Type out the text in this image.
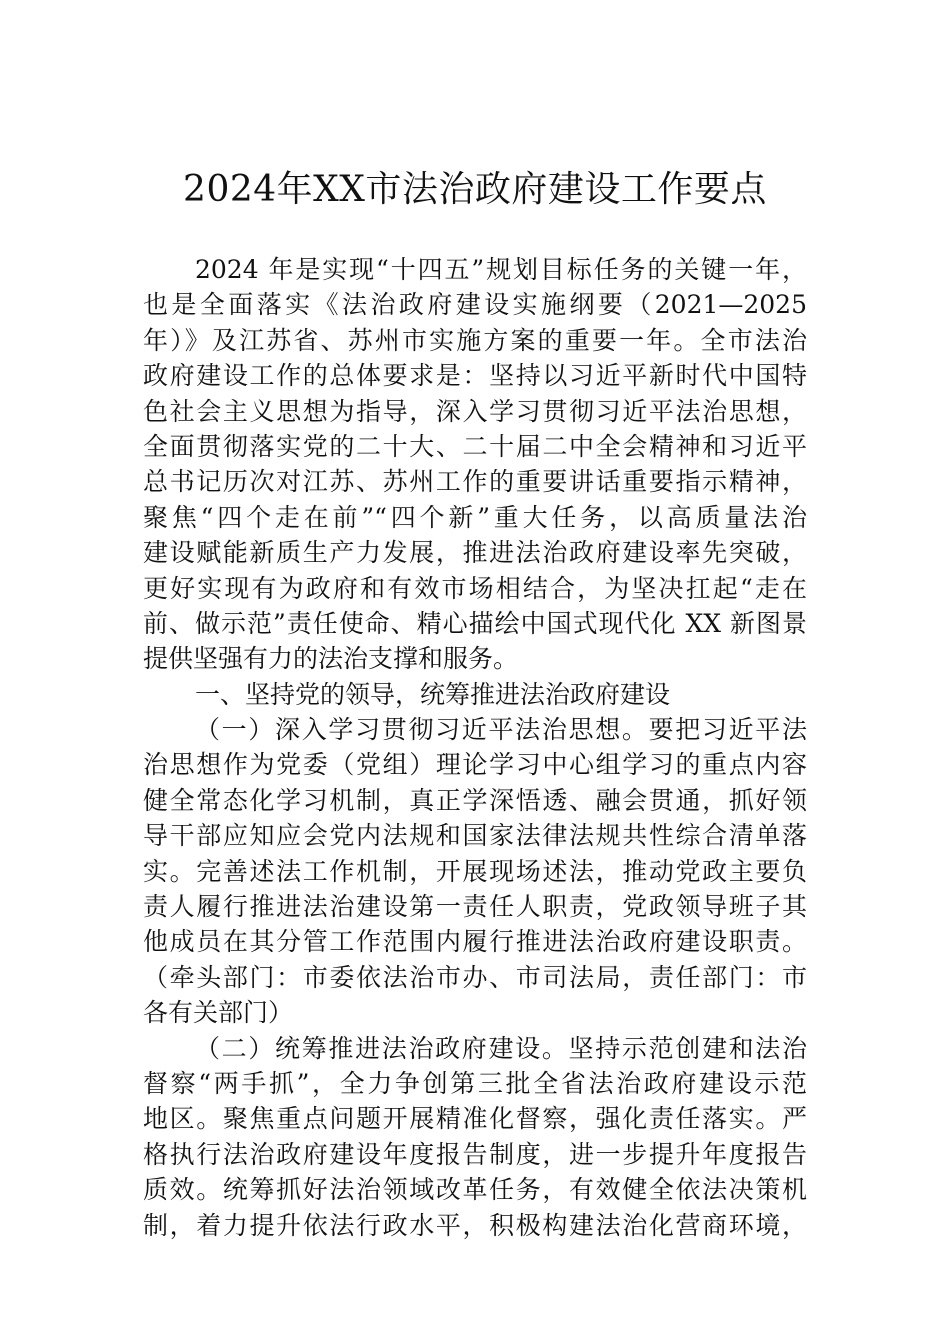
2024年XX市法治政府建设工作要点
2024 年是实现“十四五”规划目标任务的关键一年，
也是全面落实《法治政府建设实施纲要（2021—2025
年）》及江苏省、苏州市实施方案的重要一年。全市法治
政府建设工作的总体要求是：坚持以习近平新时代中国特
色社会主义思想为指导，深入学习贯彻习近平法治思想，
全面贯彻落实党的二十大、二十届二中全会精神和习近平
总书记历次对江苏、苏州工作的重要讲话重要指示精神，
聚焦“四个走在前”“四个新”重大任务，以高质量法治
建设赋能新质生产力发展，推进法治政府建设率先突破，
更好实现有为政府和有效市场相结合，为坚决扛起“走在
前、做示范”责任使命、精心描绘中国式现代化 XX 新图景
提供坚强有力的法治支撑和服务。
一、坚持党的领导，统筹推进法治政府建设
（一）深入学习贯彻习近平法治思想。要把习近平法
治思想作为党委（党组）理论学习中心组学习的重点内容
健全常态化学习机制，真正学深悟透、融会贯通，抓好领
导干部应知应会党内法规和国家法律法规共性综合清单落
实。完善述法工作机制，开展现场述法，推动党政主要负
责人履行推进法治建设第一责任人职责，党政领导班子其
他成员在其分管工作范围内履行推进法治政府建设职责。
（牵头部门：市委依法治市办、市司法局，责任部门：市
各有关部门）
（二）统筹推进法治政府建设。坚持示范创建和法治
督察“两手抓”，全力争创第三批全省法治政府建设示范
地区。聚焦重点问题开展精准化督察，强化责任落实。严
格执行法治政府建设年度报告制度，进一步提升年度报告
质效。统筹抓好法治领域改革任务，有效健全依法决策机
制，着力提升依法行政水平，积极构建法治化营商环境，
